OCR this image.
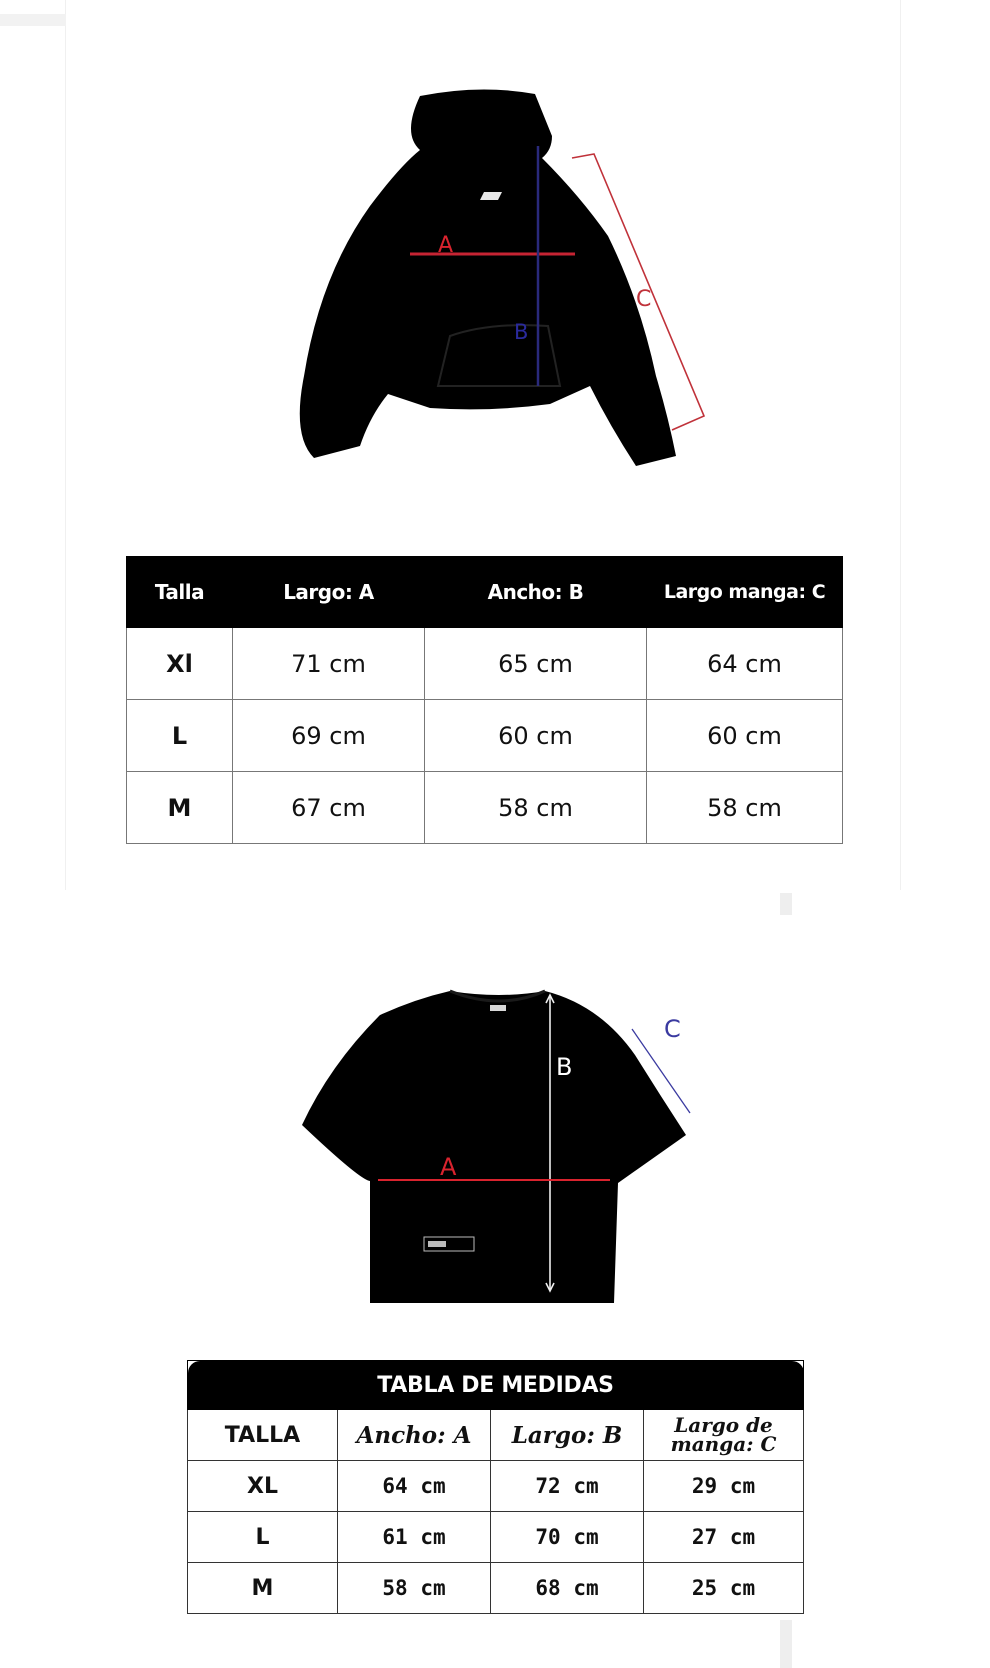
A
B
C
Talla	Largo: A	Ancho: B	Largo manga: C
Xl	71 cm	65 cm	64 cm
L	69 cm	60 cm	60 cm
M	67 cm	58 cm	58 cm
B
A
C
TABLA DE MEDIDAS			
TALLA	Ancho: A	Largo: B	Largo de manga: C
XL	64 cm	72 cm	29 cm
L	61 cm	70 cm	27 cm
M	58 cm	68 cm	25 cm
